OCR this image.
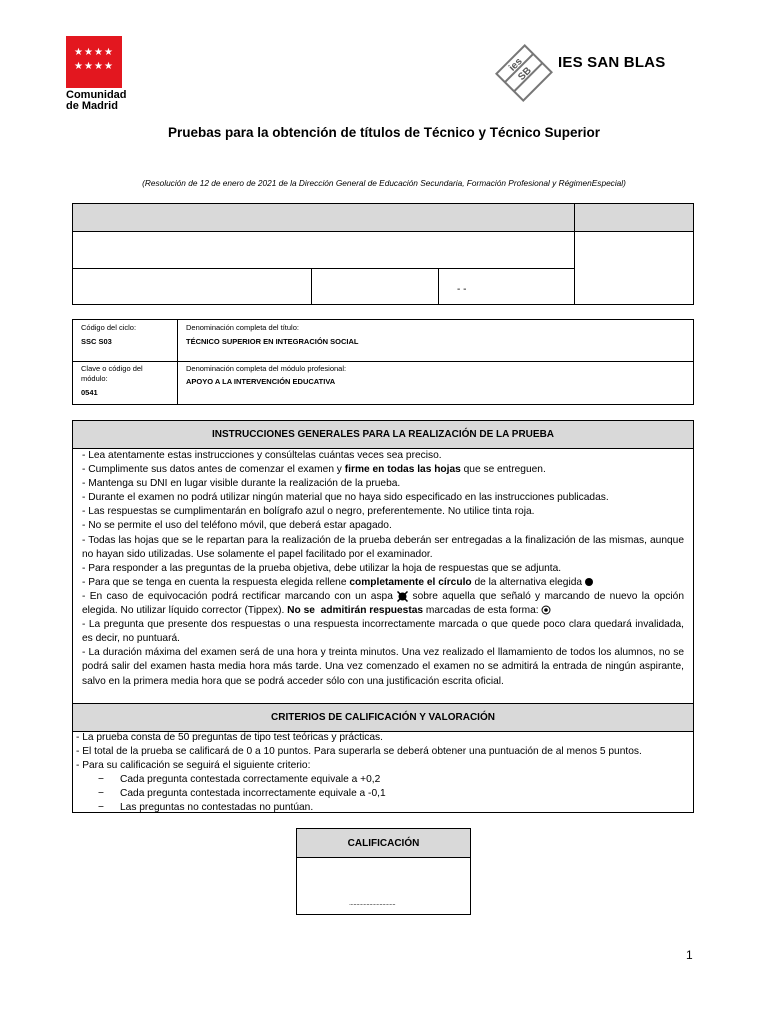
★ ★ ★ ★
★ ★ ★ ★
Comunidad
de Madrid
ies
SB
IES SAN BLAS
Pruebas para la obtención de títulos de Técnico y Técnico Superior
(Resolución de 12 de enero de 2021 de la Dirección General de Educación Secundaria, Formación Profesional y RégimenEspecial)
- -
Código del ciclo:
SSC S03
Denominación completa del título:
TÉCNICO SUPERIOR EN INTEGRACIÓN SOCIAL
Clave o código del módulo:
0541
Denominación completa del módulo profesional:
APOYO A LA INTERVENCIÓN EDUCATIVA
INSTRUCCIONES GENERALES PARA LA REALIZACIÓN DE LA PRUEBA

- Lea atentamente estas instrucciones y consúltelas cuántas veces sea preciso.

- Cumplimente sus datos antes de comenzar el examen y firme en todas las hojas que se entreguen.

- Mantenga su DNI en lugar visible durante la realización de la prueba.

- Durante el examen no podrá utilizar ningún material que no haya sido especificado en las instrucciones publicadas.

- Las respuestas se cumplimentarán en bolígrafo azul o negro, preferentemente. No utilice tinta roja.

- No se permite el uso del teléfono móvil, que deberá estar apagado.

- Todas las hojas que se le repartan para la realización de la prueba deberán ser entregadas a la finalización de las mismas, aunque no hayan sido utilizadas. Use solamente el papel facilitado por el examinador.

- Para responder a las preguntas de la prueba objetiva, debe utilizar la hoja de respuestas que se adjunta.

- Para que se tenga en cuenta la respuesta elegida rellene completamente el círculo de la alternativa elegida

- En caso de equivocación podrá rectificar marcando con un aspa  sobre aquella que señaló y marcando de nuevo la opción elegida. No utilizar líquido corrector (Tippex). No se admitirán respuestas marcadas de esta forma:

- La pregunta que presente dos respuestas o una respuesta incorrectamente marcada o que quede poco clara quedará invalidada, es decir, no puntuará.

- La duración máxima del examen será de una hora y treinta minutos. Una vez realizado el llamamiento de todos los alumnos, no se podrá salir del examen hasta media hora más tarde. Una vez comenzado el examen no se admitirá la entrada de ningún aspirante, salvo en la primera media hora que se podrá acceder sólo con una justificación escrita oficial.

CRITERIOS DE CALIFICACIÓN Y VALORACIÓN

- La prueba consta de 50 preguntas de tipo test teóricas y prácticas.

- El total de la prueba se calificará de 0 a 10 puntos. Para superarla se deberá obtener una puntuación de al menos 5 puntos.

- Para su calificación se seguirá el siguiente criterio:

− Cada pregunta contestada correctamente equivale a +0,2

− Cada pregunta contestada incorrectamente equivale a -0,1

− Las preguntas no contestadas no puntúan.

CALIFICACIÓN
................................
1
